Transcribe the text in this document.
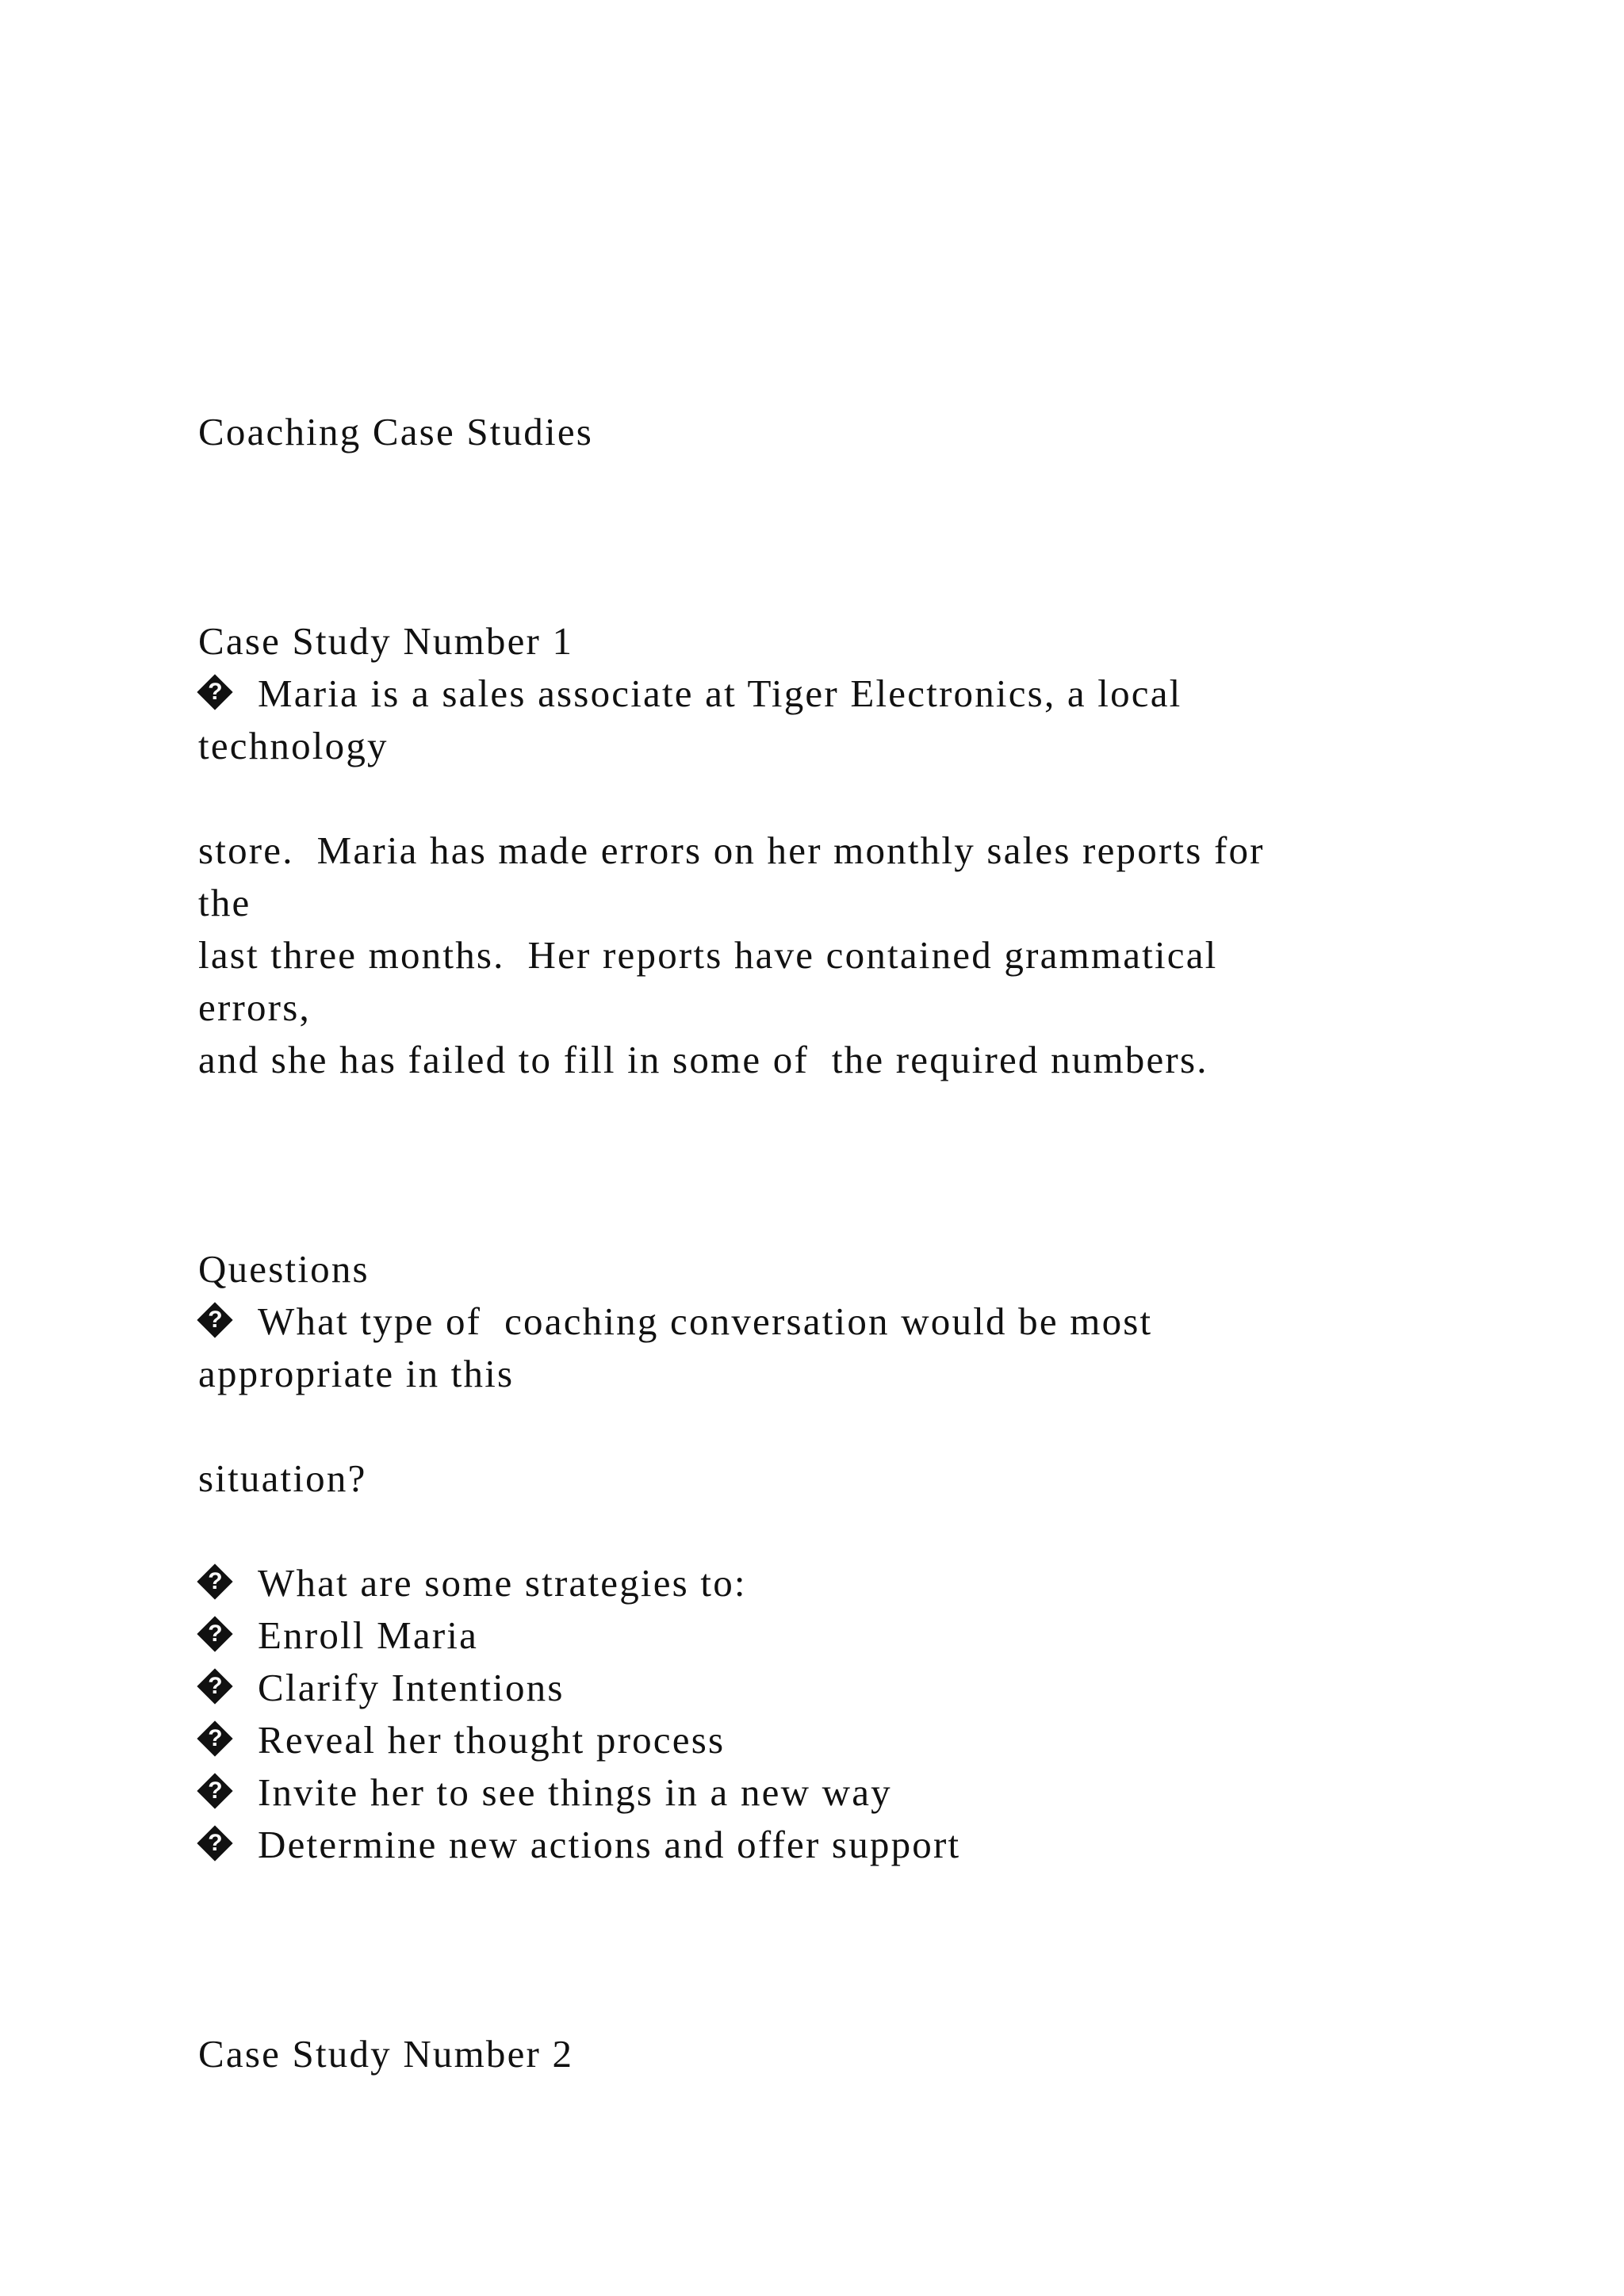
Coaching Case Studies

Case Study Number 1

?Maria is a sales associate at Tiger Electronics, a local

technology

store.  Maria has made errors on her monthly sales reports for

the

last three months.  Her reports have contained grammatical

errors,

and she has failed to fill in some of  the required numbers.

Questions

?What type of  coaching conversation would be most

appropriate in this

situation?

?What are some strategies to:

?Enroll Maria

?Clarify Intentions

?Reveal her thought process

?Invite her to see things in a new way

?Determine new actions and offer support

Case Study Number 2
